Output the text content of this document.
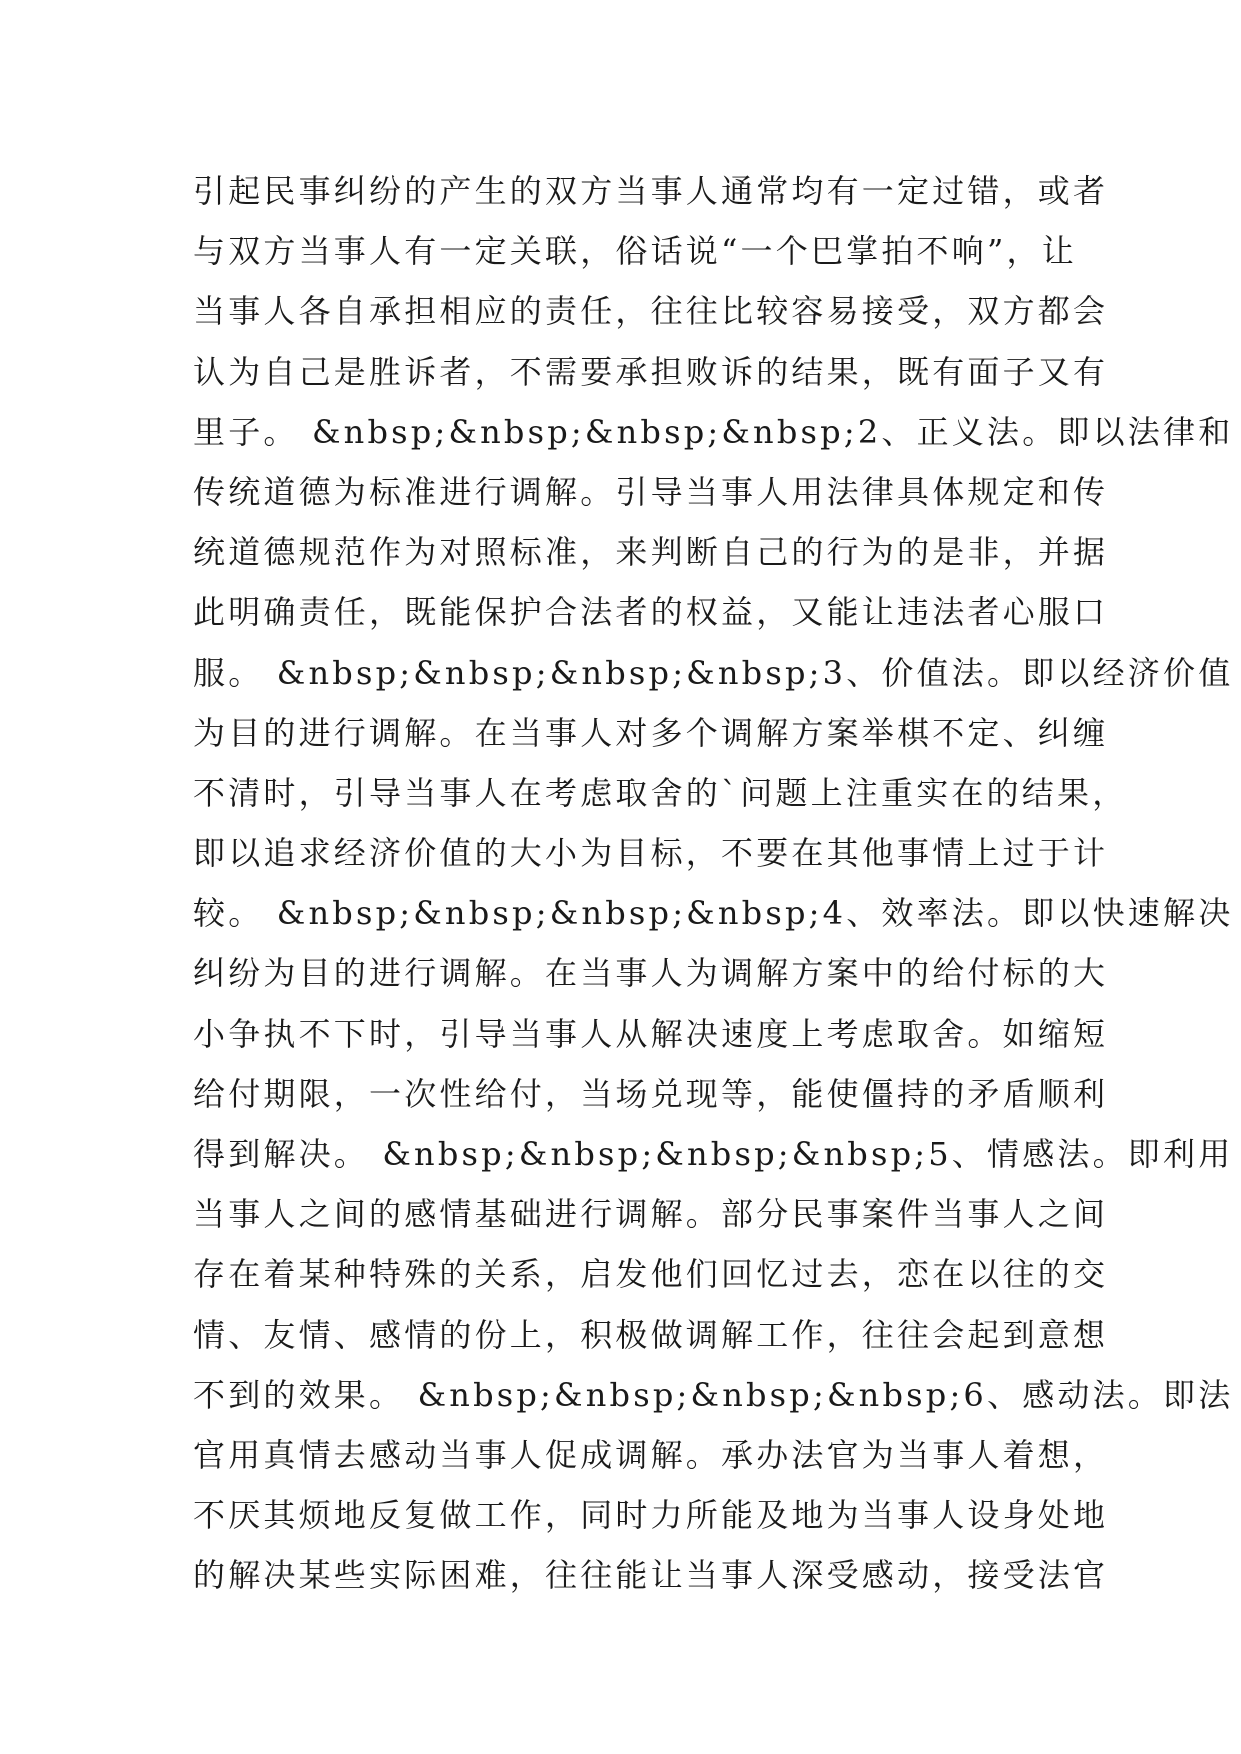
引起民事纠纷的产生的双方当事人通常均有一定过错，或者
与双方当事人有一定关联，俗话说“一个巴掌拍不响”，让
当事人各自承担相应的责任，往往比较容易接受，双方都会
认为自己是胜诉者，不需要承担败诉的结果，既有面子又有
里子。 &nbsp;&nbsp;&nbsp;&nbsp;2、正义法。即以法律和
传统道德为标准进行调解。引导当事人用法律具体规定和传
统道德规范作为对照标准，来判断自己的行为的是非，并据
此明确责任，既能保护合法者的权益，又能让违法者心服口
服。 &nbsp;&nbsp;&nbsp;&nbsp;3、价值法。即以经济价值
为目的进行调解。在当事人对多个调解方案举棋不定、纠缠
不清时，引导当事人在考虑取舍的`问题上注重实在的结果，
即以追求经济价值的大小为目标，不要在其他事情上过于计
较。 &nbsp;&nbsp;&nbsp;&nbsp;4、效率法。即以快速解决
纠纷为目的进行调解。在当事人为调解方案中的给付标的大
小争执不下时，引导当事人从解决速度上考虑取舍。如缩短
给付期限，一次性给付，当场兑现等，能使僵持的矛盾顺利
得到解决。 &nbsp;&nbsp;&nbsp;&nbsp;5、情感法。即利用
当事人之间的感情基础进行调解。部分民事案件当事人之间
存在着某种特殊的关系，启发他们回忆过去，恋在以往的交
情、友情、感情的份上，积极做调解工作，往往会起到意想
不到的效果。 &nbsp;&nbsp;&nbsp;&nbsp;6、感动法。即法
官用真情去感动当事人促成调解。承办法官为当事人着想，
不厌其烦地反复做工作，同时力所能及地为当事人设身处地
的解决某些实际困难，往往能让当事人深受感动，接受法官
